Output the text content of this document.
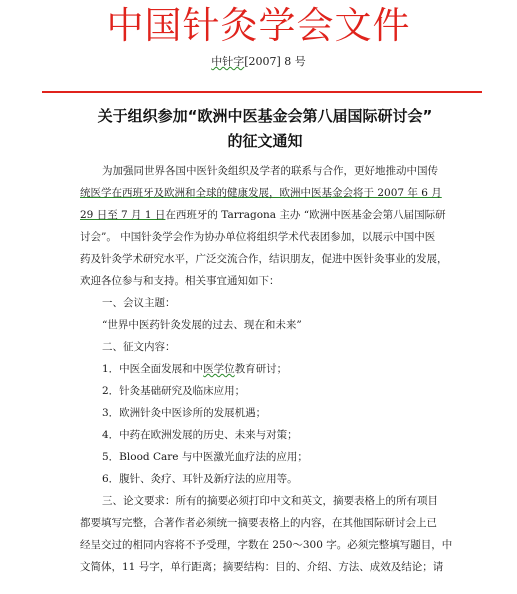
中国针灸学会文件
中针字[2007] 8 号
关于组织参加“欧洲中医基金会第八届国际研讨会”
的征文通知
为加强同世界各国中医针灸组织及学者的联系与合作，更好地推动中国传
统医学在西班牙及欧洲和全球的健康发展，欧洲中医基金会将于 2007 年 6 月
29 日至 7 月 1 日在西班牙的 Tarragona 主办 “欧洲中医基金会第八届国际研
讨会”。 中国针灸学会作为协办单位将组织学术代表团参加，以展示中国中医
药及针灸学术研究水平，广泛交流合作，结识朋友，促进中医针灸事业的发展，
欢迎各位参与和支持。相关事宜通知如下：
一、会议主题：
“世界中医药针灸发展的过去、现在和未来”
二、征文内容：
1．中医全面发展和中医学位教育研讨；
2．针灸基础研究及临床应用；
3．欧洲针灸中医诊所的发展机遇；
4．中药在欧洲发展的历史、未来与对策；
5．Blood Care 与中医激光血疗法的应用；
6．腹针、灸疗、耳针及新疗法的应用等。
三、论文要求：所有的摘要必须打印中文和英文，摘要表格上的所有项目
都要填写完整，合著作者必须统一摘要表格上的内容，在其他国际研讨会上已
经呈交过的相同内容将不予受理，字数在 250～300 字。必须完整填写题目，中
文简体，11 号字，单行距离；摘要结构：目的、介绍、方法、成效及结论；请
